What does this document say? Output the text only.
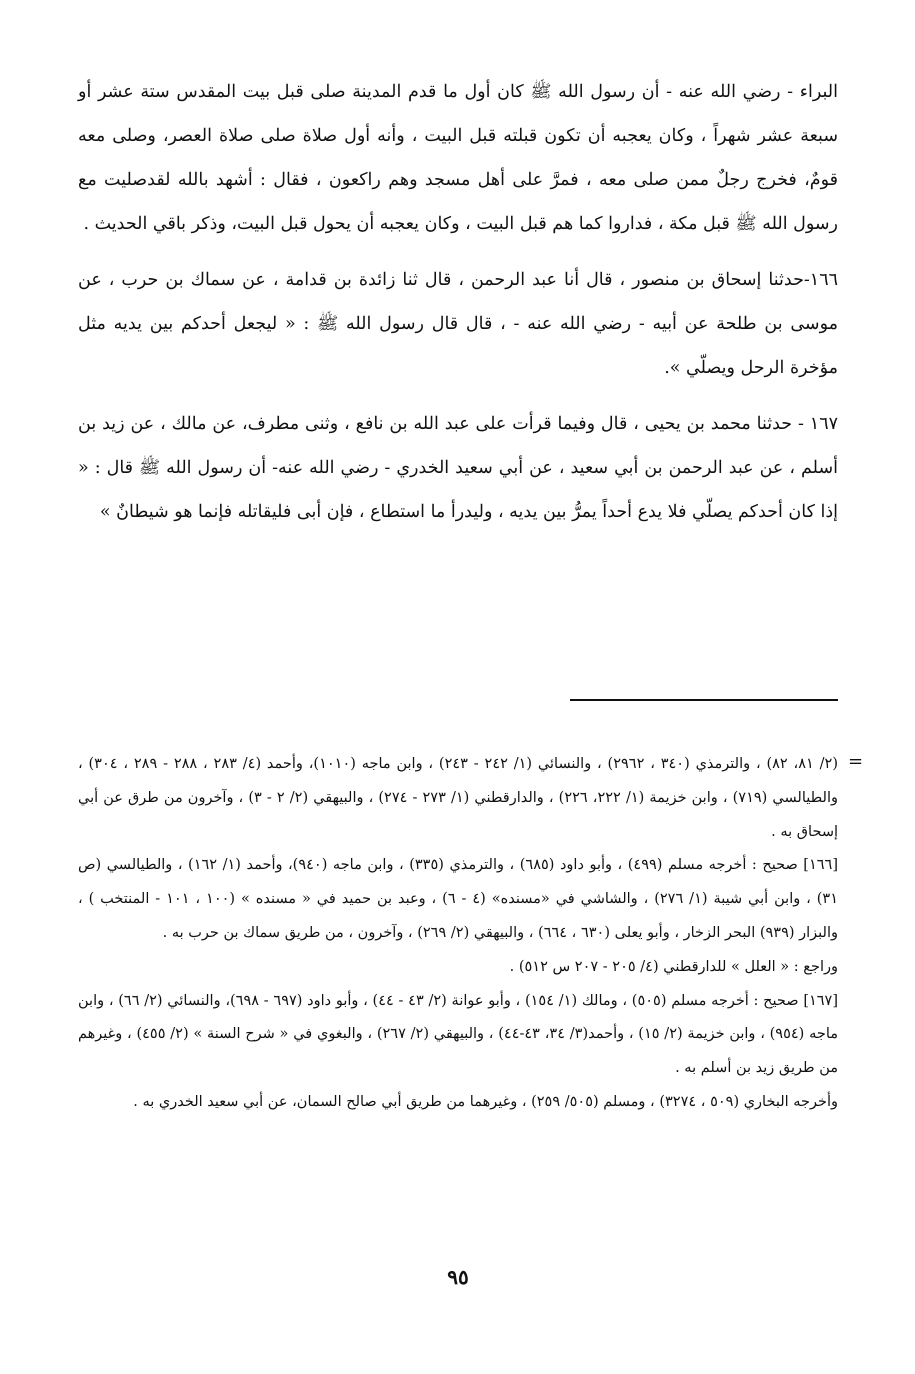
البراء - رضي الله عنه - أن رسول الله ﷺ كان أول ما قدم المدينة صلى قبل بيت المقدس ستة عشر أو سبعة عشر شهراً ، وكان يعجبه أن تكون قبلته قبل البيت ، وأنه أول صلاة صلى صلاة العصر، وصلى معه قومٌ، فخرج رجلٌ ممن صلى معه ، فمرَّ على أهل مسجد وهم راكعون ، فقال : أشهد بالله لقدصليت مع رسول الله ﷺ قبل مكة ، فداروا كما هم قبل البيت ، وكان يعجبه أن يحول قبل البيت، وذكر باقي الحديث .

١٦٦-حدثنا إسحاق بن منصور ، قال أنا عبد الرحمن ، قال ثنا زائدة بن قدامة ، عن سماك بن حرب ، عن موسى بن طلحة عن أبيه - رضي الله عنه - ، قال قال رسول الله ﷺ : « ليجعل أحدكم بين يديه مثل مؤخرة الرحل ويصلّي ».

١٦٧ - حدثنا محمد بن يحيى ، قال وفيما قرأت على عبد الله بن نافع ، وثنى مطرف، عن مالك ، عن زيد بن أسلم ، عن عبد الرحمن بن أبي سعيد ، عن أبي سعيد الخدري - رضي الله عنه- أن رسول الله ﷺ قال : « إذا كان أحدكم يصلّي فلا يدع أحداً يمرُّ بين يديه ، وليدرأ ما استطاع ، فإن أبى فليقاتله فإنما هو شيطانٌ »

=

(٢/ ٨١، ٨٢) ، والترمذي (٣٤٠ ، ٢٩٦٢) ، والنسائي (١/ ٢٤٢ - ٢٤٣) ، وابن ماجه (١٠١٠)، وأحمد (٤/ ٢٨٣ ، ٢٨٨ - ٢٨٩ ، ٣٠٤) ، والطيالسي (٧١٩) ، وابن خزيمة (١/ ٢٢٢، ٢٢٦) ، والدارقطني (١/ ٢٧٣ - ٢٧٤) ، والبيهقي (٢/ ٢ - ٣) ، وآخرون من طرق عن أبي إسحاق به .

[١٦٦] صحيح : أخرجه مسلم (٤٩٩) ، وأبو داود (٦٨٥) ، والترمذي (٣٣٥) ، وابن ماجه (٩٤٠)، وأحمد (١/ ١٦٢) ، والطيالسي (ص ٣١) ، وابن أبي شيبة (١/ ٢٧٦) ، والشاشي في «مسنده» (٤ - ٦) ، وعبد بن حميد في « مسنده » (١٠٠ ، ١٠١ - المنتخب ) ، والبزار (٩٣٩) البحر الزخار ، وأبو يعلى (٦٣٠ ، ٦٦٤) ، والبيهقي (٢/ ٢٦٩) ، وآخرون ، من طريق سماك بن حرب به .

وراجع : « العلل » للدارقطني (٤/ ٢٠٥ - ٢٠٧ س ٥١٢) .

[١٦٧] صحيح : أخرجه مسلم (٥٠٥) ، ومالك (١/ ١٥٤) ، وأبو عوانة (٢/ ٤٣ - ٤٤) ، وأبو داود (٦٩٧ - ٦٩٨)، والنسائي (٢/ ٦٦) ، وابن ماجه (٩٥٤) ، وابن خزيمة (٢/ ١٥) ، وأحمد(٣/ ٣٤، ٤٣-٤٤) ، والبيهقي (٢/ ٢٦٧) ، والبغوي في « شرح السنة » (٢/ ٤٥٥) ، وغيرهم من طريق زيد بن أسلم به .

وأخرجه البخاري (٥٠٩ ، ٣٢٧٤) ، ومسلم (٥٠٥/ ٢٥٩) ، وغيرهما من طريق أبي صالح السمان، عن أبي سعيد الخدري به .

٩٥
